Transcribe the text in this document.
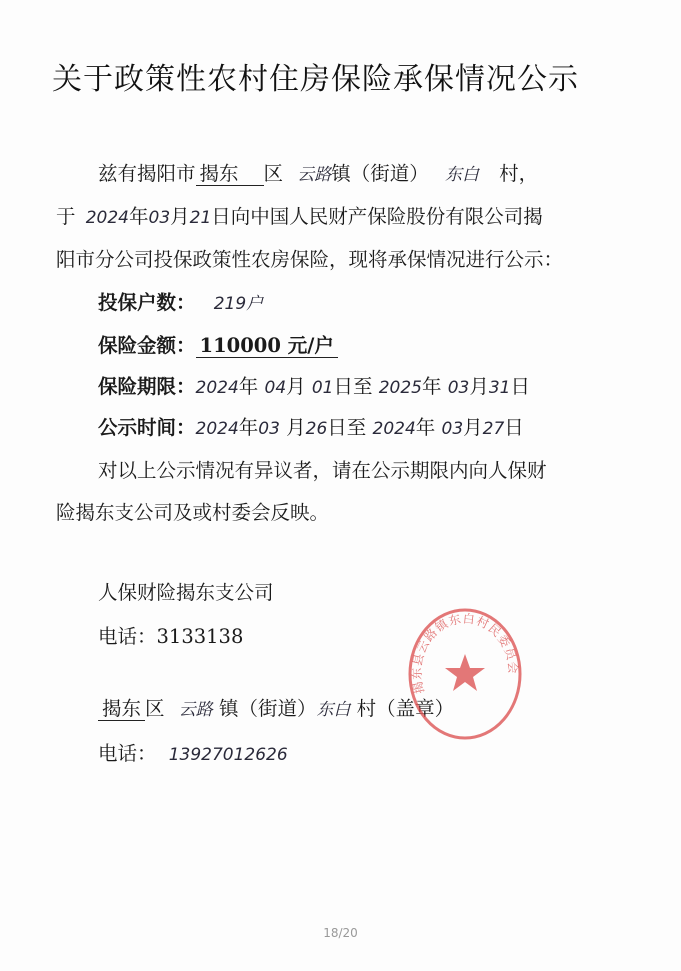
关于政策性农村住房保险承保情况公示
兹有揭阳市 揭东 区 云路镇（街道） 东白 村，
于 2024年03月21日向中国人民财产保险股份有限公司揭
阳市分公司投保政策性农房保险，现将承保情况进行公示：
投保户数： 219户
保险金额： 110000 元/户
保险期限：2024年 04月 01日至 2025年 03月31日
公示时间：2024年03 月26日至 2024年 03月27日
对以上公示情况有异议者，请在公示期限内向人保财
险揭东支公司及或村委会反映。
人保财险揭东支公司
电话：3133138
揭东 区 云路 镇（街道）东白 村（盖章）
电话： 13927012626
揭东县云路镇东白村民委员会
18/20
